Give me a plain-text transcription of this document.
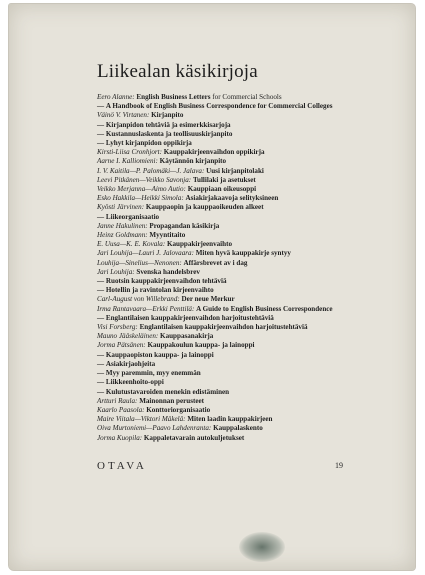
Liikealan käsikirjoja
Eero Alanne: English Business Letters for Commercial Schools
— A Handbook of English Business Correspondence for Commercial Colleges
Väinö V. Virtanen: Kirjanpito
— Kirjanpidon tehtäviä ja esimerkkisarjoja
— Kustannuslaskenta ja teollisuuskirjanpito
— Lyhyt kirjanpidon oppikirja
Kirsti-Liisa Cronhjort: Kauppakirjeenvaihdon oppikirja
Aarne I. Kalliomieni: Käytännön kirjanpito
I. V. Kaitila—P. Palomäki—J. Jalava: Uusi kirjanpitolaki
Leevi Pitkänen—Veikko Savonja: Tullilaki ja asetukset
Veikko Merjanna—Aimo Autio: Kauppiaan oikeusoppi
Esko Hakkila—Heikki Simola: Asiakirjakaavoja selityksineen
Kyösti Järvinen: Kauppaopin ja kauppaoikeuden alkeet
— Liikeorganisaatio
Janne Hakulinen: Propagandan käsikirja
Heinz Goldmann: Myyntitaito
E. Uusa—K. E. Kovala: Kauppakirjeenvaihto
Jari Louhija—Lauri J. Jalovaara: Miten hyvä kauppakirje syntyy
Louhija—Sinelius—Nenonen: Affärsbrevet av i dag
Jari Louhija: Svenska handelsbrev
— Ruotsin kauppakirjeenvaihdon tehtäviä
— Hotellin ja ravintolan kirjeenvaihto
Carl-August von Willebrand: Der neue Merkur
Irma Rantavaara—Erkki Penttilä: A Guide to English Business Correspondence
— Englantilaisen kauppakirjeenvaihdon harjoitustehtäviä
Visi Forsberg: Englantilaisen kauppakirjeenvaihdon harjoitustehtäviä
Mauno Jääskeläinen: Kauppasanakirja
Jorma Pätsänen: Kauppakoulun kauppa- ja lainoppi
— Kauppaopiston kauppa- ja lainoppi
— Asiakirjaohjeita
— Myy paremmin, myy enemmän
— Liikkeenhoito-oppi
— Kulutustavaroiden menekin edistäminen
Artturi Raula: Mainonnan perusteet
Kaarlo Paasola: Konttoriorganisaatio
Maire Viitala—Viktori Mäkelä: Miten laadin kauppakirjeen
Oiva Murtoniemi—Paavo Lahdenranta: Kauppalaskento
Jorma Kuopila: Kappaletavarain autokuljetukset
OTAVA	19
